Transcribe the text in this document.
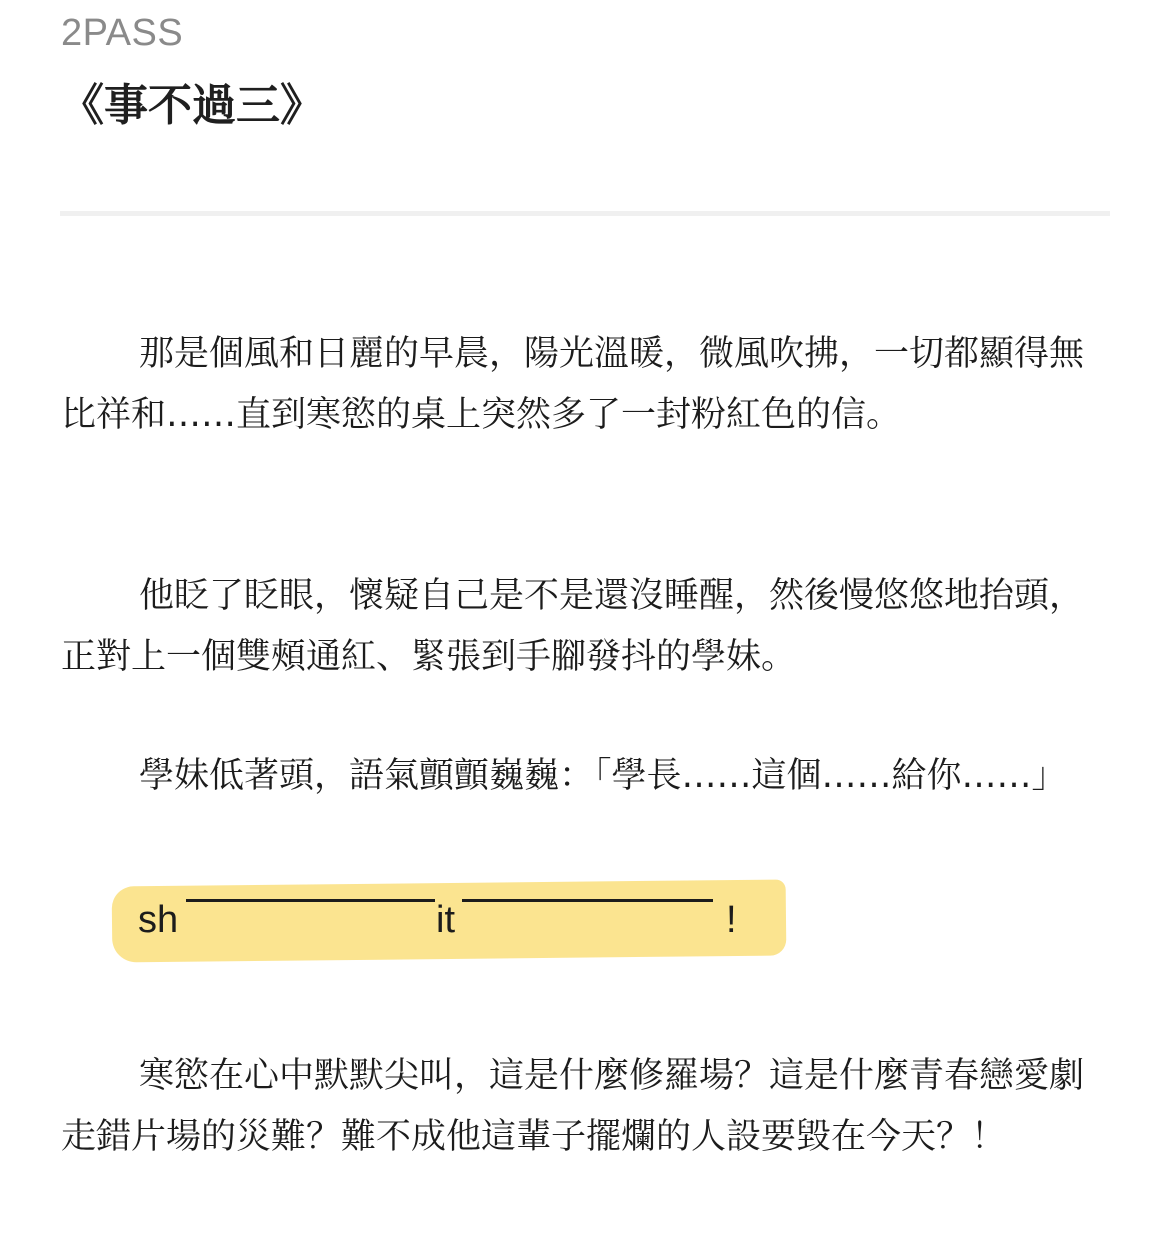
2PASS
《事不過三》

那是個風和日麗的早晨，陽光溫暖，微風吹拂，一切都顯得無比祥和……直到寒慾的桌上突然多了一封粉紅色的信。

他眨了眨眼，懷疑自己是不是還沒睡醒，然後慢悠悠地抬頭，正對上一個雙頰通紅、緊張到手腳發抖的學妹。

學妹低著頭，語氣顫顫巍巍：「學長……這個……給你……」

sh	it	!

寒慾在心中默默尖叫，這是什麼修羅場？這是什麼青春戀愛劇走錯片場的災難？難不成他這輩子擺爛的人設要毀在今天？！
